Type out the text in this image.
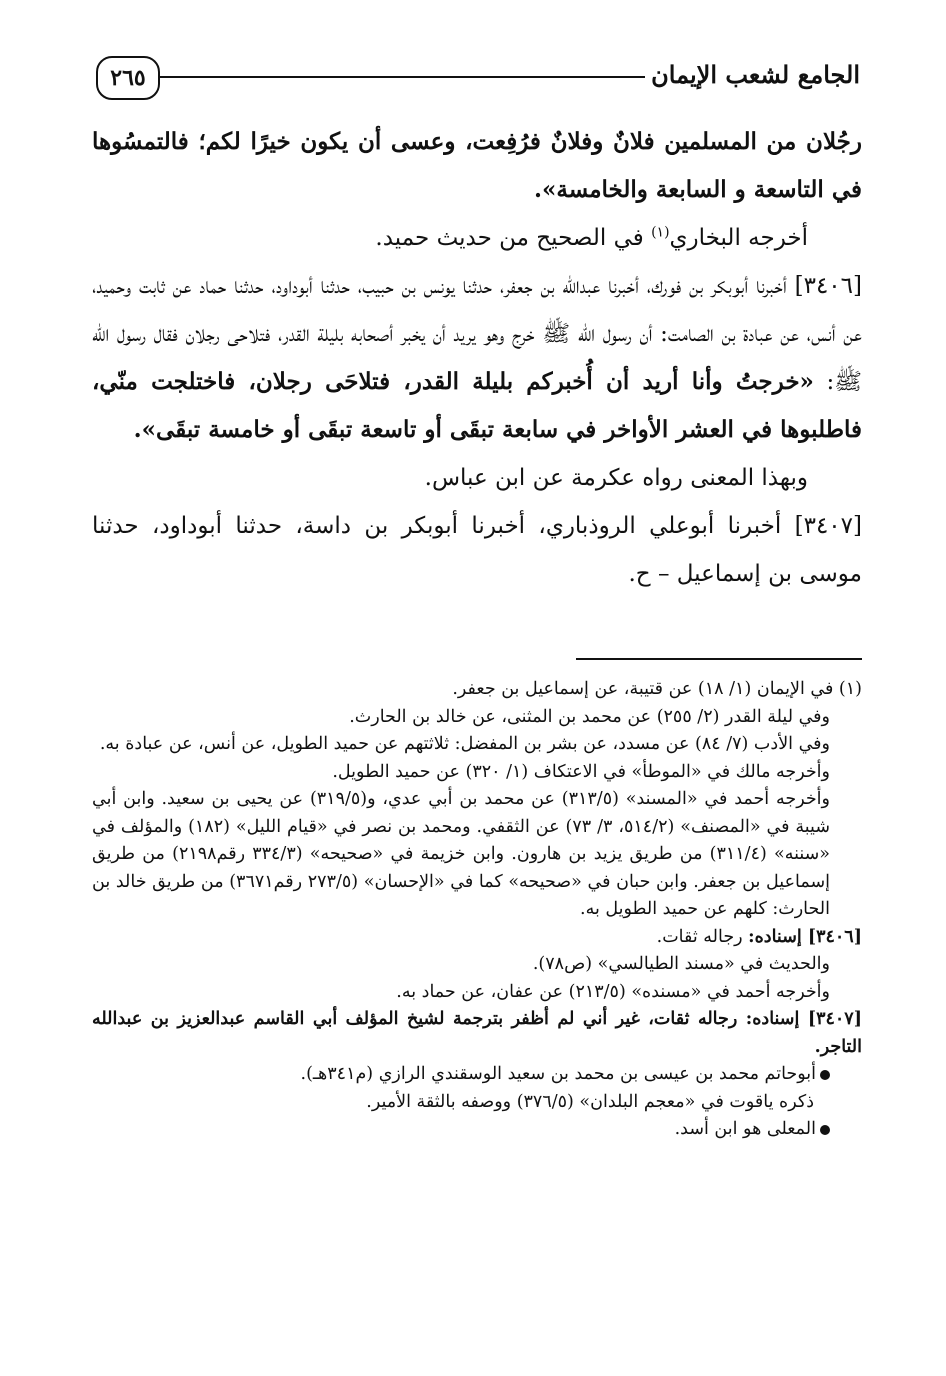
الجامع لشعب الإيمان
٢٦٥

رجُلان من المسلمين فلانٌ وفلانٌ فرُفِعت، وعسى أن يكون خيرًا لكم؛ فالتمسُوها في التاسعة و السابعة والخامسة».

أخرجه البخاري$^{(١)}$ في الصحيح من حديث حميد.

[٣٤٠٦] أخبرنا أبوبكر بن فورك، أخبرنا عبدالله بن جعفر، حدثنا يونس بن حبيب، حدثنا أبوداود، حدثنا حماد عن ثابت وحميد، عن أنس، عن عبادة بن الصامت: أن رسول الله ﷺ خرج وهو يريد أن يخبر أصحابه بليلة القدر، فتلاحى رجلان فقال رسول الله ﷺ: «خرجتُ وأنا أريد أن أُخبركم بليلة القدر، فتلاحَى رجلان، فاختلجت منّي، فاطلبوها في العشر الأواخر في سابعة تبقَى أو تاسعة تبقَى أو خامسة تبقَى».

وبهذا المعنى رواه عكرمة عن ابن عباس.

[٣٤٠٧] أخبرنا أبوعلي الروذباري، أخبرنا أبوبكر بن داسة، حدثنا أبوداود، حدثنا موسى بن إسماعيل – ح.

(١) في الإيمان (١/ ١٨) عن قتيبة، عن إسماعيل بن جعفر.

وفي ليلة القدر (٢/ ٢٥٥) عن محمد بن المثنى، عن خالد بن الحارث.

وفي الأدب (٧/ ٨٤) عن مسدد، عن بشر بن المفضل: ثلاثتهم عن حميد الطويل، عن أنس، عن عبادة به.

وأخرجه مالك في «الموطأ» في الاعتكاف (١/ ٣٢٠) عن حميد الطويل.

وأخرجه أحمد في «المسند» (٣١٣/٥) عن محمد بن أبي عدي، و(٣١٩/٥) عن يحيى بن سعيد. وابن أبي شيبة في «المصنف» (٥١٤/٢، ٣/ ٧٣) عن الثقفي. ومحمد بن نصر في «قيام الليل» (١٨٢) والمؤلف في «سننه» (٣١١/٤) من طريق يزيد بن هارون. وابن خزيمة في «صحيحه» (٣٣٤/٣ رقم٢١٩٨) من طريق إسماعيل بن جعفر. وابن حبان في «صحيحه» كما في «الإحسان» (٢٧٣/٥ رقم٣٦٧١) من طريق خالد بن الحارث: كلهم عن حميد الطويل به.

[٣٤٠٦] إسناده: رجاله ثقات.

والحديث في «مسند الطيالسي» (ص٧٨).

وأخرجه أحمد في «مسنده» (٢١٣/٥) عن عفان، عن حماد به.

[٣٤٠٧] إسناده: رجاله ثقات، غير أني لم أظفر بترجمة لشيخ المؤلف أبي القاسم عبدالعزيز بن عبدالله التاجر.

أبوحاتم محمد بن عيسى بن محمد بن سعيد الوسقندي الرازي (م٣٤١هـ).

ذكره ياقوت في «معجم البلدان» (٣٧٦/٥) ووصفه بالثقة الأمير.

المعلى هو ابن أسد.
